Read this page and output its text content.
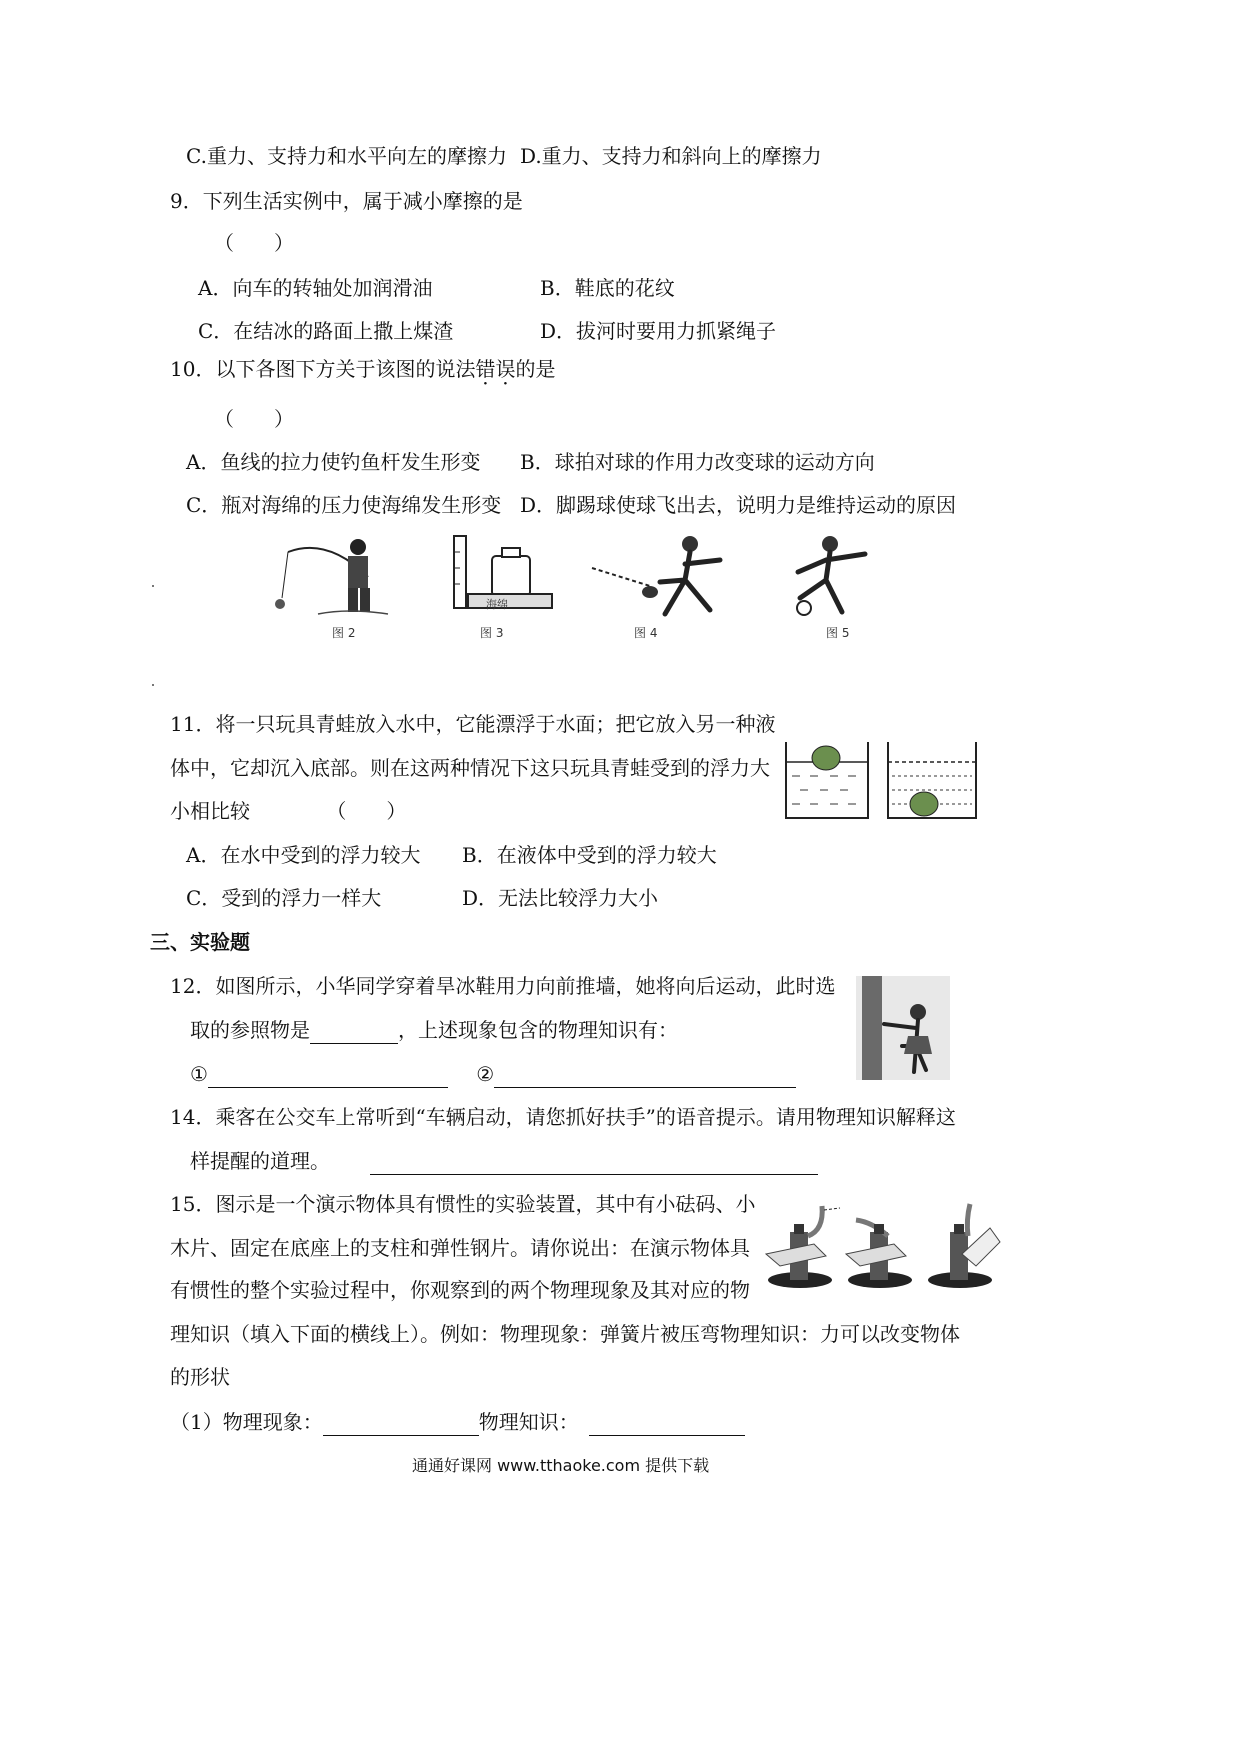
C.重力、支持力和水平向左的摩擦力 D.重力、支持力和斜向上的摩擦力
9．下列生活实例中，属于减小摩擦的是
（　　）
A．向车的转轴处加润滑油	B．鞋底的花纹
C．在结冰的路面上撒上煤渣	D．拔河时要用力抓紧绳子
10．以下各图下方关于该图的说法错误的是
（　　）
A．鱼线的拉力使钓鱼杆发生形变 B．球拍对球的作用力改变球的运动方向
C．瓶对海绵的压力使海绵发生形变 D．脚踢球使球飞出去，说明力是维持运动的原因
图 2
海绵
图 3	图 4	图 5
11．将一只玩具青蛙放入水中，它能漂浮于水面；把它放入另一种液
体中，它却沉入底部。则在这两种情况下这只玩具青蛙受到的浮力大
小相比较	（　　）
A．在水中受到的浮力较大 B．在液体中受到的浮力较大
C．受到的浮力一样大	D．无法比较浮力大小
三、实验题
12．如图所示，小华同学穿着旱冰鞋用力向前推墙，她将向后运动，此时选
取的参照物是	，上述现象包含的物理知识有：
①	②
14．乘客在公交车上常听到“车辆启动，请您抓好扶手”的语音提示。请用物理知识解释这
样提醒的道理。
15．图示是一个演示物体具有惯性的实验装置，其中有小砝码、小
木片、固定在底座上的支柱和弹性钢片。请你说出：在演示物体具
有惯性的整个实验过程中，你观察到的两个物理现象及其对应的物
理知识（填入下面的横线上）。例如：物理现象：弹簧片被压弯物理知识：力可以改变物体
的形状
（1）物理现象：	物理知识：
通通好课网 www.tthaoke.com 提供下载
